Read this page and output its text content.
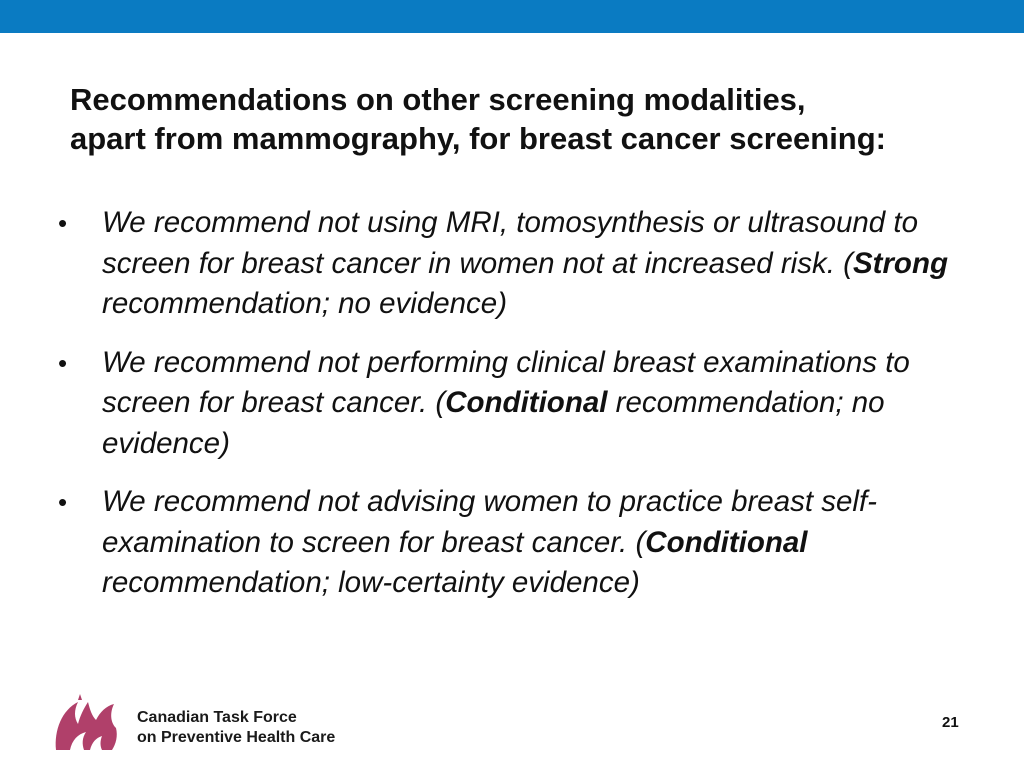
Recommendations on other screening modalities,
apart from mammography, for breast cancer screening:
• We recommend not using MRI, tomosynthesis or ultrasound to screen for breast cancer in women not at increased risk. (Strong recommendation; no evidence)
• We recommend not performing clinical breast examinations to screen for breast cancer. (Conditional recommendation; no evidence)
• We recommend not advising women to practice breast self-examination to screen for breast cancer. (Conditional recommendation; low-certainty evidence)
Canadian Task Force
on Preventive Health Care
21
